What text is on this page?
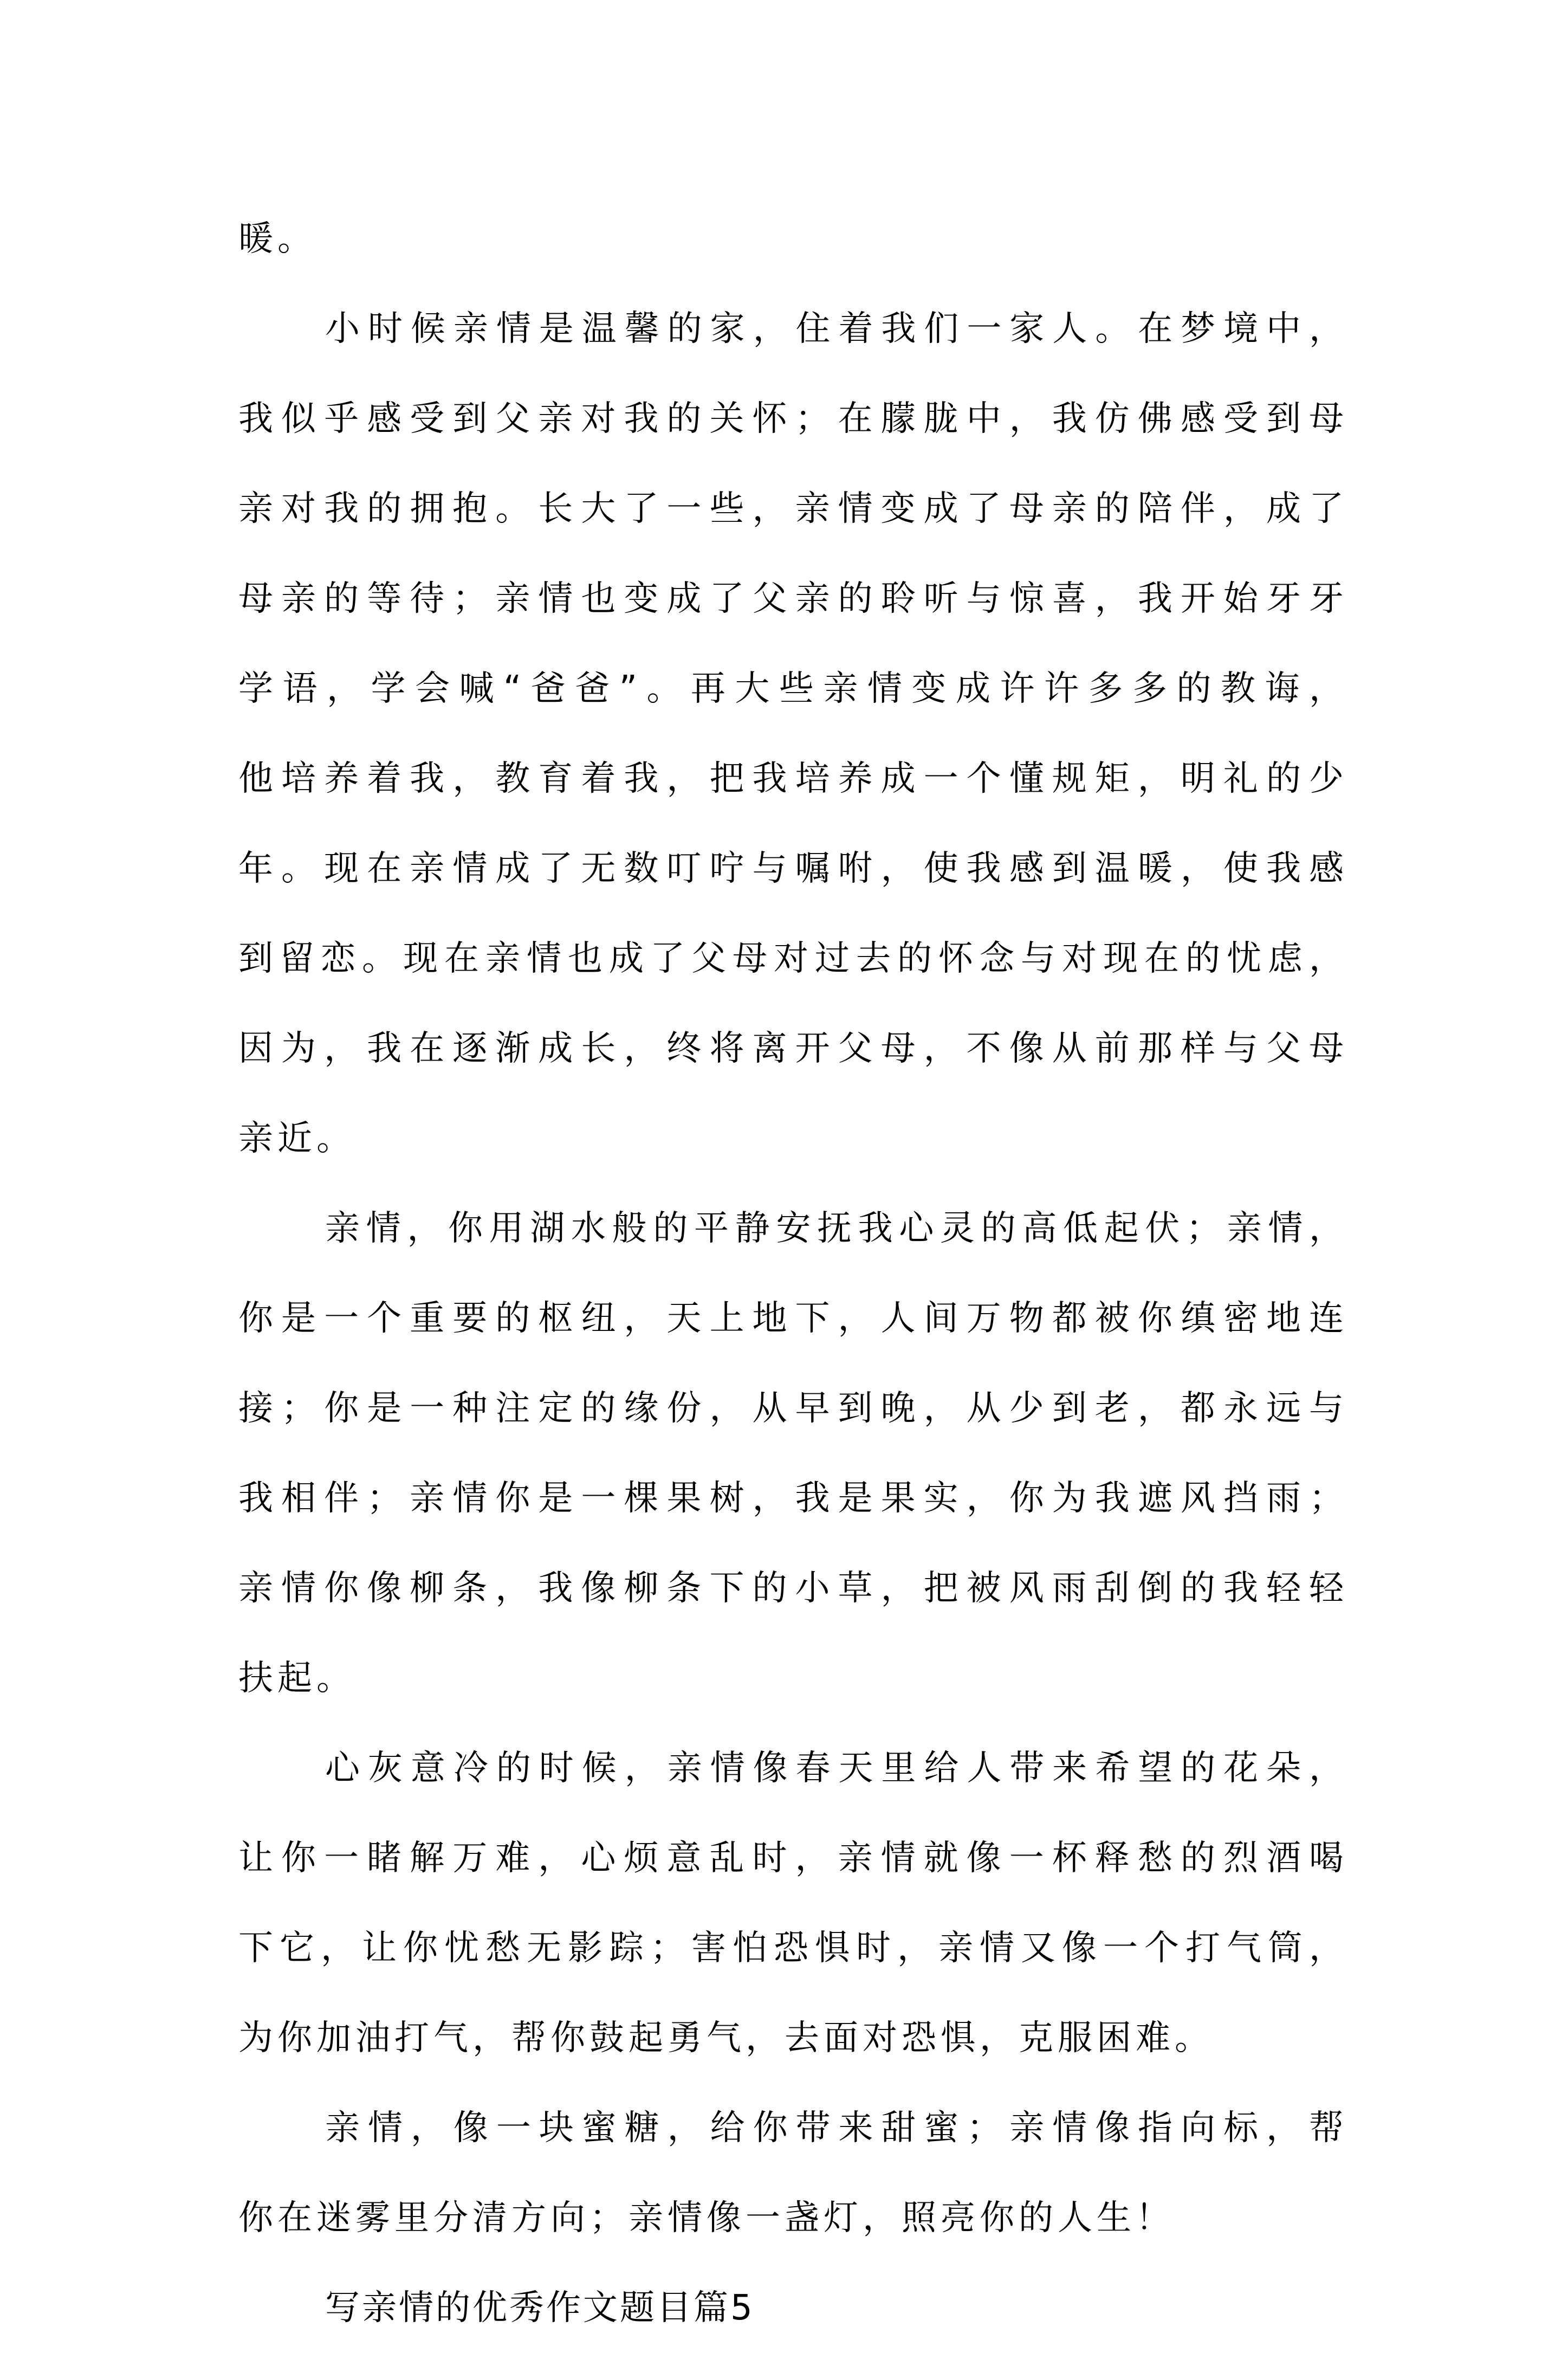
暖。

小时候亲情是温馨的家，住着我们一家人。在梦境中，

我似乎感受到父亲对我的关怀；在朦胧中，我仿佛感受到母

亲对我的拥抱。长大了一些，亲情变成了母亲的陪伴，成了

母亲的等待；亲情也变成了父亲的聆听与惊喜，我开始牙牙

学语，学会喊“爸爸”。再大些亲情变成许许多多的教诲，

他培养着我，教育着我，把我培养成一个懂规矩，明礼的少

年。现在亲情成了无数叮咛与嘱咐，使我感到温暖，使我感

到留恋。现在亲情也成了父母对过去的怀念与对现在的忧虑，

因为，我在逐渐成长，终将离开父母，不像从前那样与父母

亲近。

亲情，你用湖水般的平静安抚我心灵的高低起伏；亲情，

你是一个重要的枢纽，天上地下，人间万物都被你缜密地连

接；你是一种注定的缘份，从早到晚，从少到老，都永远与

我相伴；亲情你是一棵果树，我是果实，你为我遮风挡雨；

亲情你像柳条，我像柳条下的小草，把被风雨刮倒的我轻轻

扶起。

心灰意冷的时候，亲情像春天里给人带来希望的花朵，

让你一睹解万难，心烦意乱时，亲情就像一杯释愁的烈酒喝

下它，让你忧愁无影踪；害怕恐惧时，亲情又像一个打气筒，

为你加油打气，帮你鼓起勇气，去面对恐惧，克服困难。

亲情，像一块蜜糖，给你带来甜蜜；亲情像指向标，帮

你在迷雾里分清方向；亲情像一盏灯，照亮你的人生！

写亲情的优秀作文题目篇5
